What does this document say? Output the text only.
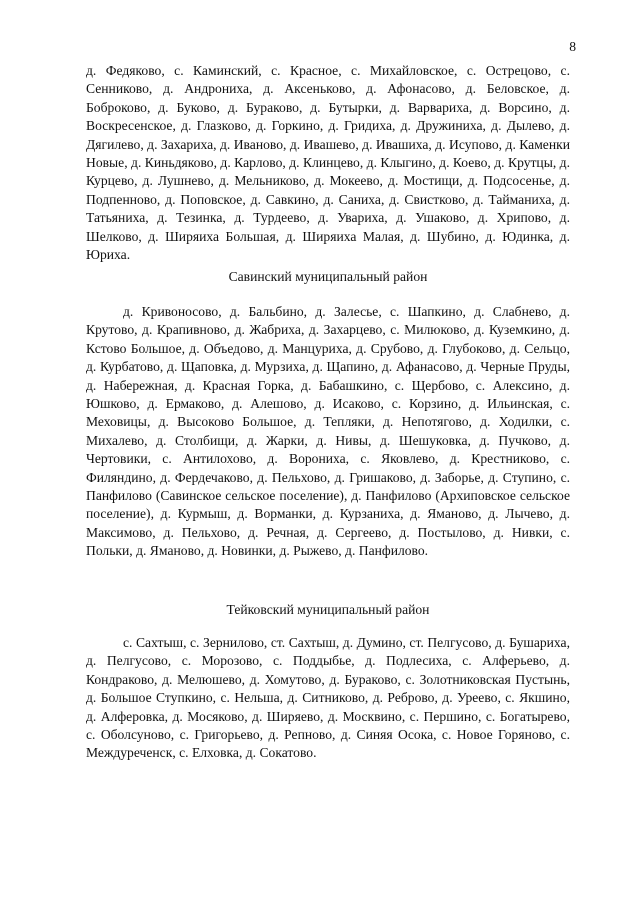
8

д. Федяково, с. Каминский, с. Красное, с. Михайловское, с. Острецово, с. Сенниково, д. Андрониха, д. Аксеньково, д. Афонасово, д. Беловское, д. Боброково, д. Буково, д. Бураково, д. Бутырки, д. Варвариха, д. Ворсино, д. Воскресенское, д. Глазково, д. Горкино, д. Гридиха, д. Дружиниха, д. Дылево, д. Дягилево, д. Захариха, д. Иваново, д. Ивашево, д. Ивашиха, д. Исупово, д. Каменки Новые, д. Киньдяково, д. Карлово, д. Клинцево, д. Клыгино, д. Коево, д. Крутцы, д. Курцево, д. Лушнево, д. Мельниково, д. Мокеево, д. Мостищи, д. Подсосенье, д. Подпенново, д. Поповское, д. Савкино, д. Саниха, д. Свистково, д. Тайманиха, д. Татьяниха, д. Тезинка, д. Турдеево, д. Увариха, д. Ушаково, д. Хрипово, д. Шелково, д. Ширяиха Большая, д. Ширяиха Малая, д. Шубино, д. Юдинка, д. Юриха.

Савинский муниципальный район

д. Кривоносово, д. Бальбино, д. Залесье, с. Шапкино, д. Слабнево, д. Крутово, д. Крапивново, д. Жабриха, д. Захарцево, с. Милюково, д. Куземкино, д. Кстово Большое, д. Объедово, д. Манцуриха, д. Срубово, д. Глубоково, д. Сельцо, д. Курбатово, д. Щаповка, д. Мурзиха, д. Щапино, д. Афанасово, д. Черные Пруды, д. Набережная, д. Красная Горка, д. Бабашкино, с. Щербово, с. Алексино, д. Юшково, д. Ермаково, д. Алешово, д. Исаково, с. Корзино, д. Ильинская, с. Меховицы, д. Высоково Большое, д. Тепляки, д. Непотягово, д. Ходилки, с. Михалево, д. Столбищи, д. Жарки, д. Нивы, д. Шешуковка, д. Пучково, д. Чертовики, с. Антилохово, д. Ворониха, с. Яковлево, д. Крестниково, с. Филяндино, д. Фердечаково, д. Пельхово, д. Гришаково, д. Заборье, д. Ступино, с. Панфилово (Савинское сельское поселение), д. Панфилово (Архиповское сельское поселение), д. Курмыш, д. Ворманки, д. Курзаниха, д. Ямaново, д. Лычево, д. Максимово, д. Пельхово, д. Речная, д. Сергеево, д. Постылово, д. Нивки, с. Польки, д. Ямaново, д. Новинки, д. Рыжево, д. Панфилово.

Тейковский муниципальный район

с. Сахтыш, с. Зернилово, ст. Сахтыш, д. Думино, ст. Пелгусово, д. Бушариха, д. Пелгусово, с. Морозово, с. Поддыбье, д. Подлесиха, с. Алферьево, д. Кондраково, д. Мелюшево, д. Хомутово, д. Бураково, с. Золотниковская Пустынь, д. Большое Ступкино, с. Нельша, д. Ситниково, д. Реброво, д. Уреево, с. Якшино, д. Алферовка, д. Мосяково, д. Ширяево, д. Москвино, с. Першино, с. Богатырево, с. Оболсуново, с. Григорьево, д. Репново, д. Синяя Осока, с. Новое Горяново, с. Междуреченск, с. Елховка, д. Сокатово.
